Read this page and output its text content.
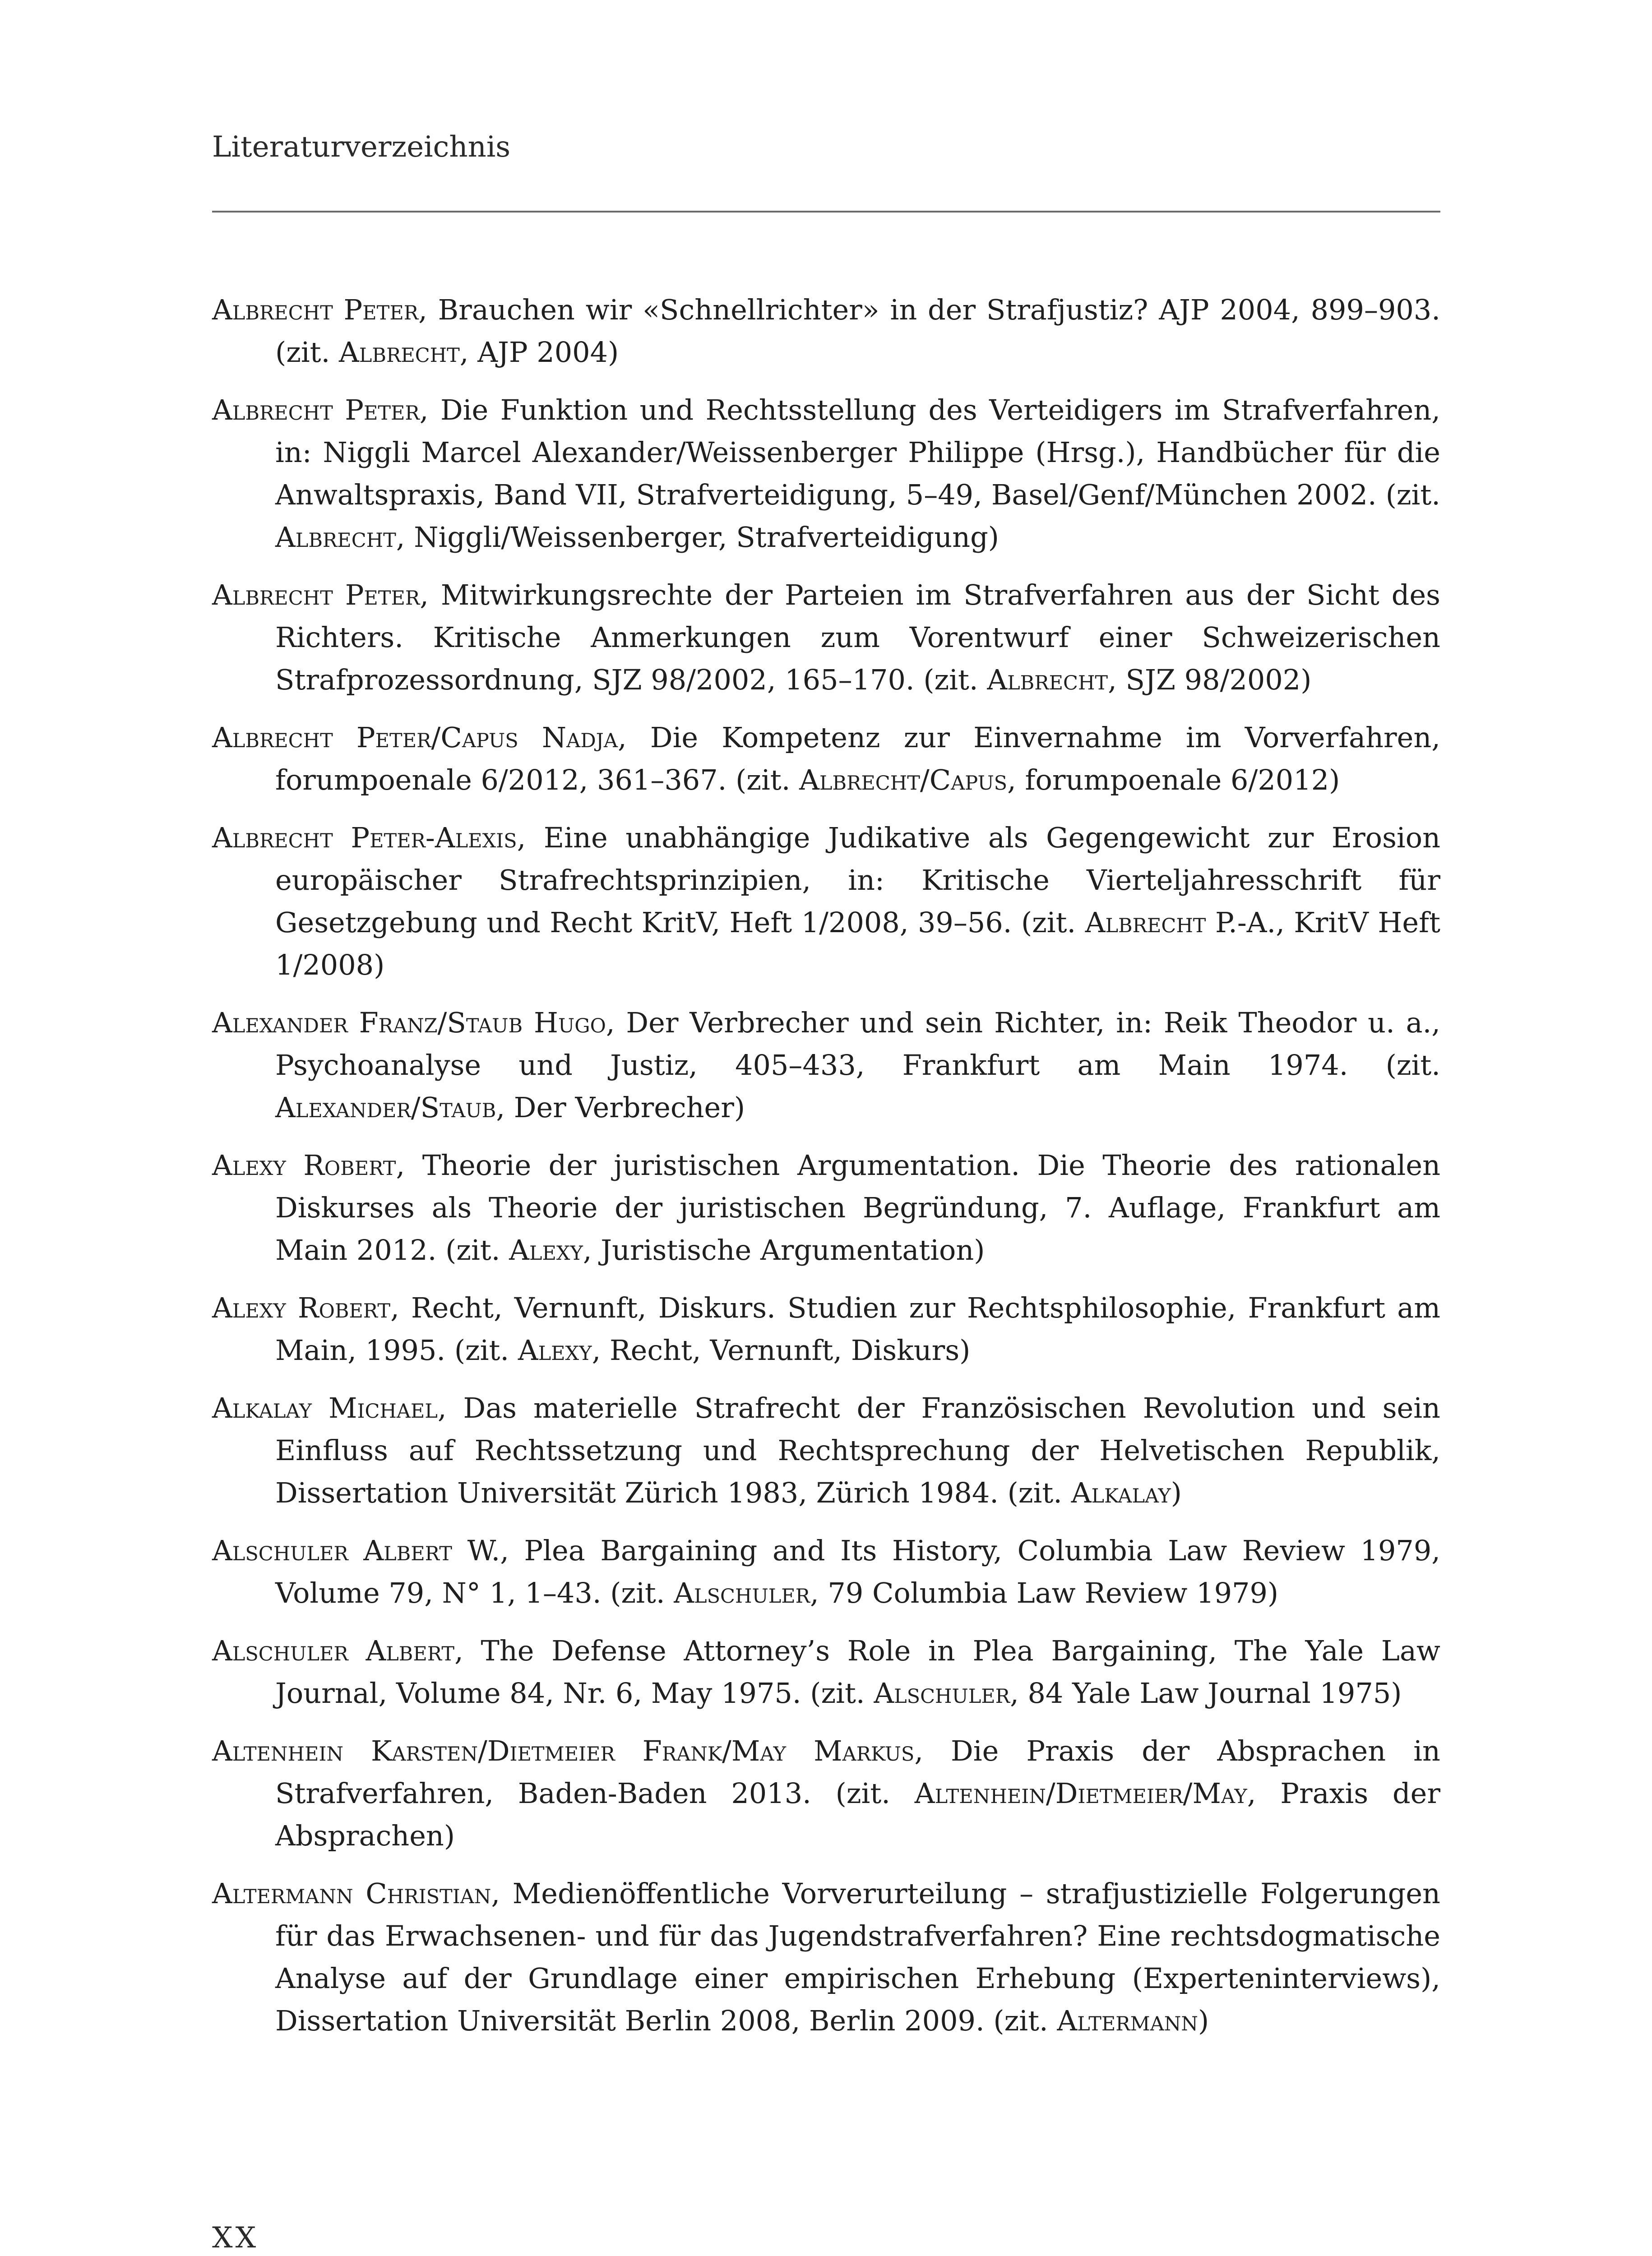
Literaturverzeichnis

Albrecht Peter, Brauchen wir «Schnellrichter» in der Strafjustiz? AJP 2004, 899–903. (zit. Albrecht, AJP 2004)

Albrecht Peter, Die Funktion und Rechtsstellung des Verteidigers im Strafverfahren, in: Niggli Marcel Alexander/Weissenberger Philippe (Hrsg.), Handbücher für die Anwaltspraxis, Band VII, Strafverteidigung, 5–49, Basel/Genf/München 2002. (zit. Albrecht, Niggli/Weissenberger, Strafverteidigung)

Albrecht Peter, Mitwirkungsrechte der Parteien im Strafverfahren aus der Sicht des Richters. Kritische Anmerkungen zum Vorentwurf einer Schweizerischen Strafprozessordnung, SJZ 98/2002, 165–170. (zit. Albrecht, SJZ 98/2002)

Albrecht Peter/Capus Nadja, Die Kompetenz zur Einvernahme im Vorverfahren, forumpoenale 6/2012, 361–367. (zit. Albrecht/Capus, forumpoenale 6/2012)

Albrecht Peter-Alexis, Eine unabhängige Judikative als Gegengewicht zur Erosion europäischer Strafrechtsprinzipien, in: Kritische Vierteljahresschrift für Gesetzgebung und Recht KritV, Heft 1/2008, 39–56. (zit. Albrecht P.-A., KritV Heft 1/2008)

Alexander Franz/Staub Hugo, Der Verbrecher und sein Richter, in: Reik Theodor u. a., Psychoanalyse und Justiz, 405–433, Frankfurt am Main 1974. (zit. Alexander/Staub, Der Verbrecher)

Alexy Robert, Theorie der juristischen Argumentation. Die Theorie des rationalen Diskurses als Theorie der juristischen Begründung, 7. Auflage, Frankfurt am Main 2012. (zit. Alexy, Juristische Argumentation)

Alexy Robert, Recht, Vernunft, Diskurs. Studien zur Rechtsphilosophie, Frankfurt am Main, 1995. (zit. Alexy, Recht, Vernunft, Diskurs)

Alkalay Michael, Das materielle Strafrecht der Französischen Revolution und sein Einfluss auf Rechtssetzung und Rechtsprechung der Helvetischen Republik, Dissertation Universität Zürich 1983, Zürich 1984. (zit. Alkalay)

Alschuler Albert W., Plea Bargaining and Its History, Columbia Law Review 1979, Volume 79, N° 1, 1–43. (zit. Alschuler, 79 Columbia Law Review 1979)

Alschuler Albert, The Defense Attorney’s Role in Plea Bargaining, The Yale Law Journal, Volume 84, Nr. 6, May 1975. (zit. Alschuler, 84 Yale Law Journal 1975)

Altenhein Karsten/Dietmeier Frank/May Markus, Die Praxis der Absprachen in Strafverfahren, Baden-Baden 2013. (zit. Altenhein/Dietmeier/May, Praxis der Absprachen)

Altermann Christian, Medienöffentliche Vorverurteilung – strafjustizielle Folgerungen für das Erwachsenen- und für das Jugendstrafverfahren? Eine rechtsdogmatische Analyse auf der Grundlage einer empirischen Erhebung (Experteninterviews), Dissertation Universität Berlin 2008, Berlin 2009. (zit. Altermann)

XX
